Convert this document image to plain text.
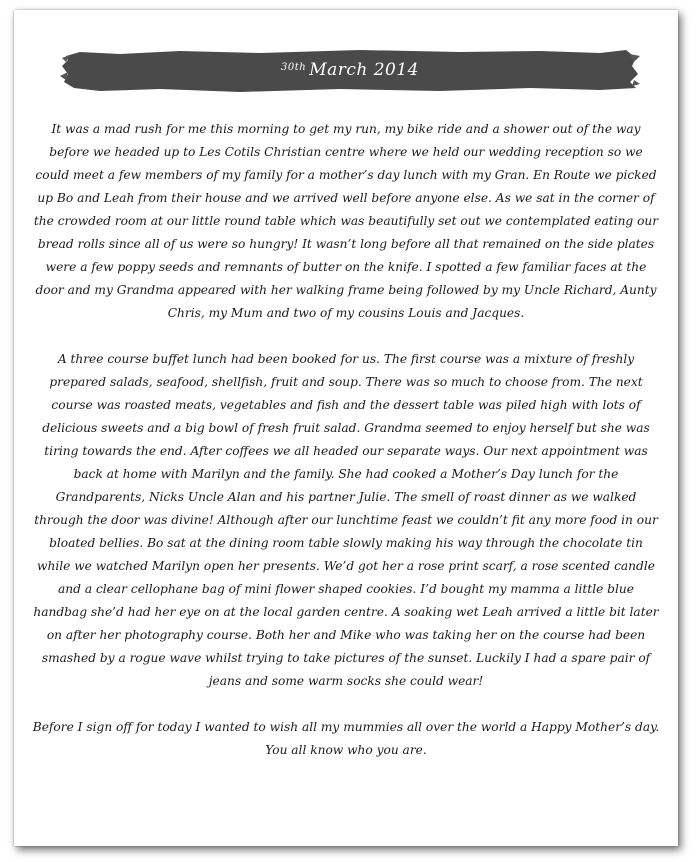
$^{30th}$ March 2014

It was a mad rush for me this morning to get my run, my bike ride and a shower out of the way before we headed up to Les Cotils Christian centre where we held our wedding reception so we could meet a few members of my family for a mother’s day lunch with my Gran. En Route we picked up Bo and Leah from their house and we arrived well before anyone else. As we sat in the corner of the crowded room at our little round table which was beautifully set out we contemplated eating our bread rolls since all of us were so hungry! It wasn’t long before all that remained on the side plates were a few poppy seeds and remnants of butter on the knife. I spotted a few familiar faces at the door and my Grandma appeared with her walking frame being followed by my Uncle Richard, Aunty Chris, my Mum and two of my cousins Louis and Jacques.

A three course buffet lunch had been booked for us. The first course was a mixture of freshly prepared salads, seafood, shellfish, fruit and soup. There was so much to choose from. The next course was roasted meats, vegetables and fish and the dessert table was piled high with lots of delicious sweets and a big bowl of fresh fruit salad. Grandma seemed to enjoy herself but she was tiring towards the end. After coffees we all headed our separate ways. Our next appointment was back at home with Marilyn and the family. She had cooked a Mother’s Day lunch for the Grandparents, Nicks Uncle Alan and his partner Julie. The smell of roast dinner as we walked through the door was divine! Although after our lunchtime feast we couldn’t fit any more food in our bloated bellies. Bo sat at the dining room table slowly making his way through the chocolate tin while we watched Marilyn open her presents. We’d got her a rose print scarf, a rose scented candle and a clear cellophane bag of mini flower shaped cookies. I’d bought my mamma a little blue handbag she’d had her eye on at the local garden centre. A soaking wet Leah arrived a little bit later on after her photography course. Both her and Mike who was taking her on the course had been smashed by a rogue wave whilst trying to take pictures of the sunset. Luckily I had a spare pair of jeans and some warm socks she could wear!

Before I sign off for today I wanted to wish all my mummies all over the world a Happy Mother’s day. You all know who you are.
